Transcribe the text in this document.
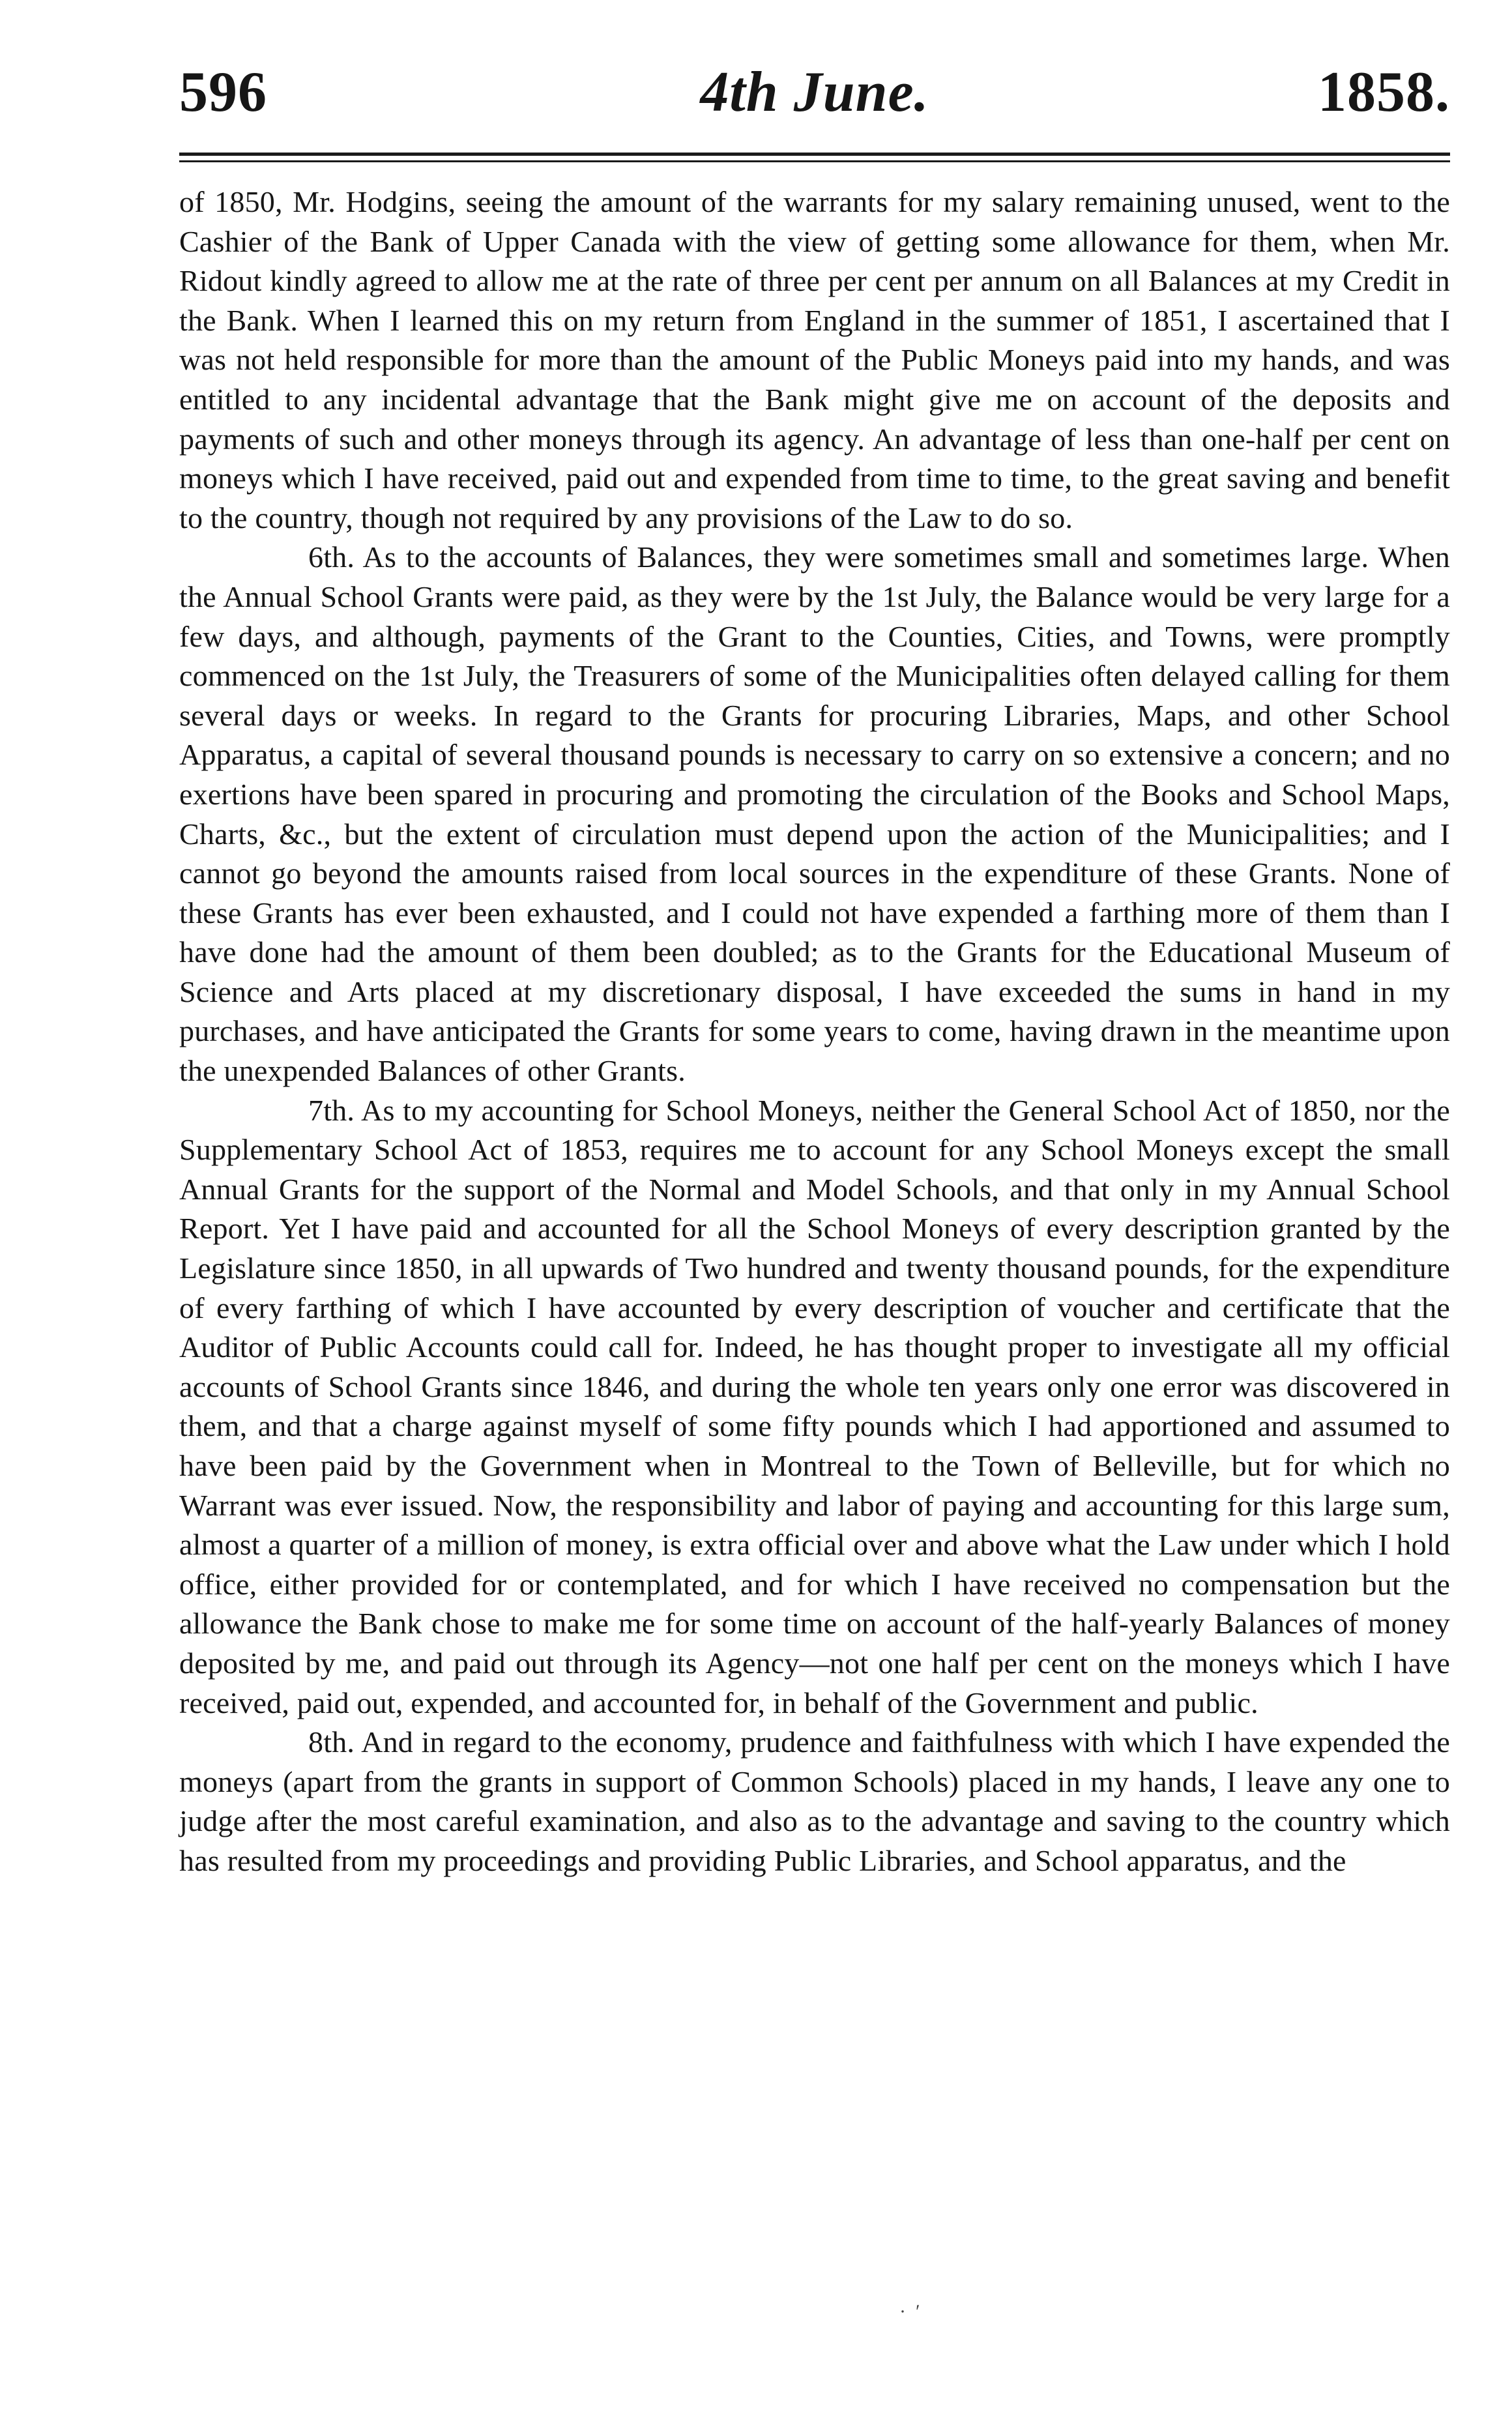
4th June.
596	1858.

of 1850, Mr. Hodgins, seeing the amount of the warrants for my salary remaining unused, went to the Cashier of the Bank of Upper Canada with the view of getting some allowance for them, when Mr. Ridout kindly agreed to allow me at the rate of three per cent per annum on all Balances at my Credit in the Bank. When I learned this on my return from England in the summer of 1851, I ascertained that I was not held responsible for more than the amount of the Public Moneys paid into my hands, and was entitled to any incidental advantage that the Bank might give me on account of the deposits and payments of such and other moneys through its agency. An advantage of less than one-half per cent on moneys which I have received, paid out and expended from time to time, to the great saving and benefit to the country, though not required by any provisions of the Law to do so.

6th. As to the accounts of Balances, they were sometimes small and sometimes large. When the Annual School Grants were paid, as they were by the 1st July, the Balance would be very large for a few days, and although, payments of the Grant to the Counties, Cities, and Towns, were promptly commenced on the 1st July, the Treasurers of some of the Municipalities often delayed calling for them several days or weeks. In regard to the Grants for procuring Libraries, Maps, and other School Apparatus, a capital of several thousand pounds is necessary to carry on so extensive a concern; and no exertions have been spared in procuring and promoting the circulation of the Books and School Maps, Charts, &c., but the extent of circulation must depend upon the action of the Municipalities; and I cannot go beyond the amounts raised from local sources in the expenditure of these Grants. None of these Grants has ever been exhausted, and I could not have expended a farthing more of them than I have done had the amount of them been doubled; as to the Grants for the Educational Museum of Science and Arts placed at my discretionary disposal, I have exceeded the sums in hand in my purchases, and have anticipated the Grants for some years to come, having drawn in the meantime upon the unexpended Balances of other Grants.

7th. As to my accounting for School Moneys, neither the General School Act of 1850, nor the Supplementary School Act of 1853, requires me to account for any School Moneys except the small Annual Grants for the support of the Normal and Model Schools, and that only in my Annual School Report. Yet I have paid and accounted for all the School Moneys of every description granted by the Legislature since 1850, in all upwards of Two hundred and twenty thousand pounds, for the expenditure of every farthing of which I have accounted by every description of voucher and certificate that the Auditor of Public Accounts could call for. Indeed, he has thought proper to investigate all my official accounts of School Grants since 1846, and during the whole ten years only one error was discovered in them, and that a charge against myself of some fifty pounds which I had apportioned and assumed to have been paid by the Government when in Montreal to the Town of Belleville, but for which no Warrant was ever issued. Now, the responsibility and labor of paying and accounting for this large sum, almost a quarter of a million of money, is extra official over and above what the Law under which I hold office, either provided for or contemplated, and for which I have received no compensation but the allowance the Bank chose to make me for some time on account of the half-yearly Balances of money deposited by me, and paid out through its Agency—not one half per cent on the moneys which I have received, paid out, expended, and accounted for, in behalf of the Government and public.

8th. And in regard to the economy, prudence and faithfulness with which I have expended the moneys (apart from the grants in support of Common Schools) placed in my hands, I leave any one to judge after the most careful examination, and also as to the advantage and saving to the country which has resulted from my proceedings and providing Public Libraries, and School apparatus, and the

·  ′
